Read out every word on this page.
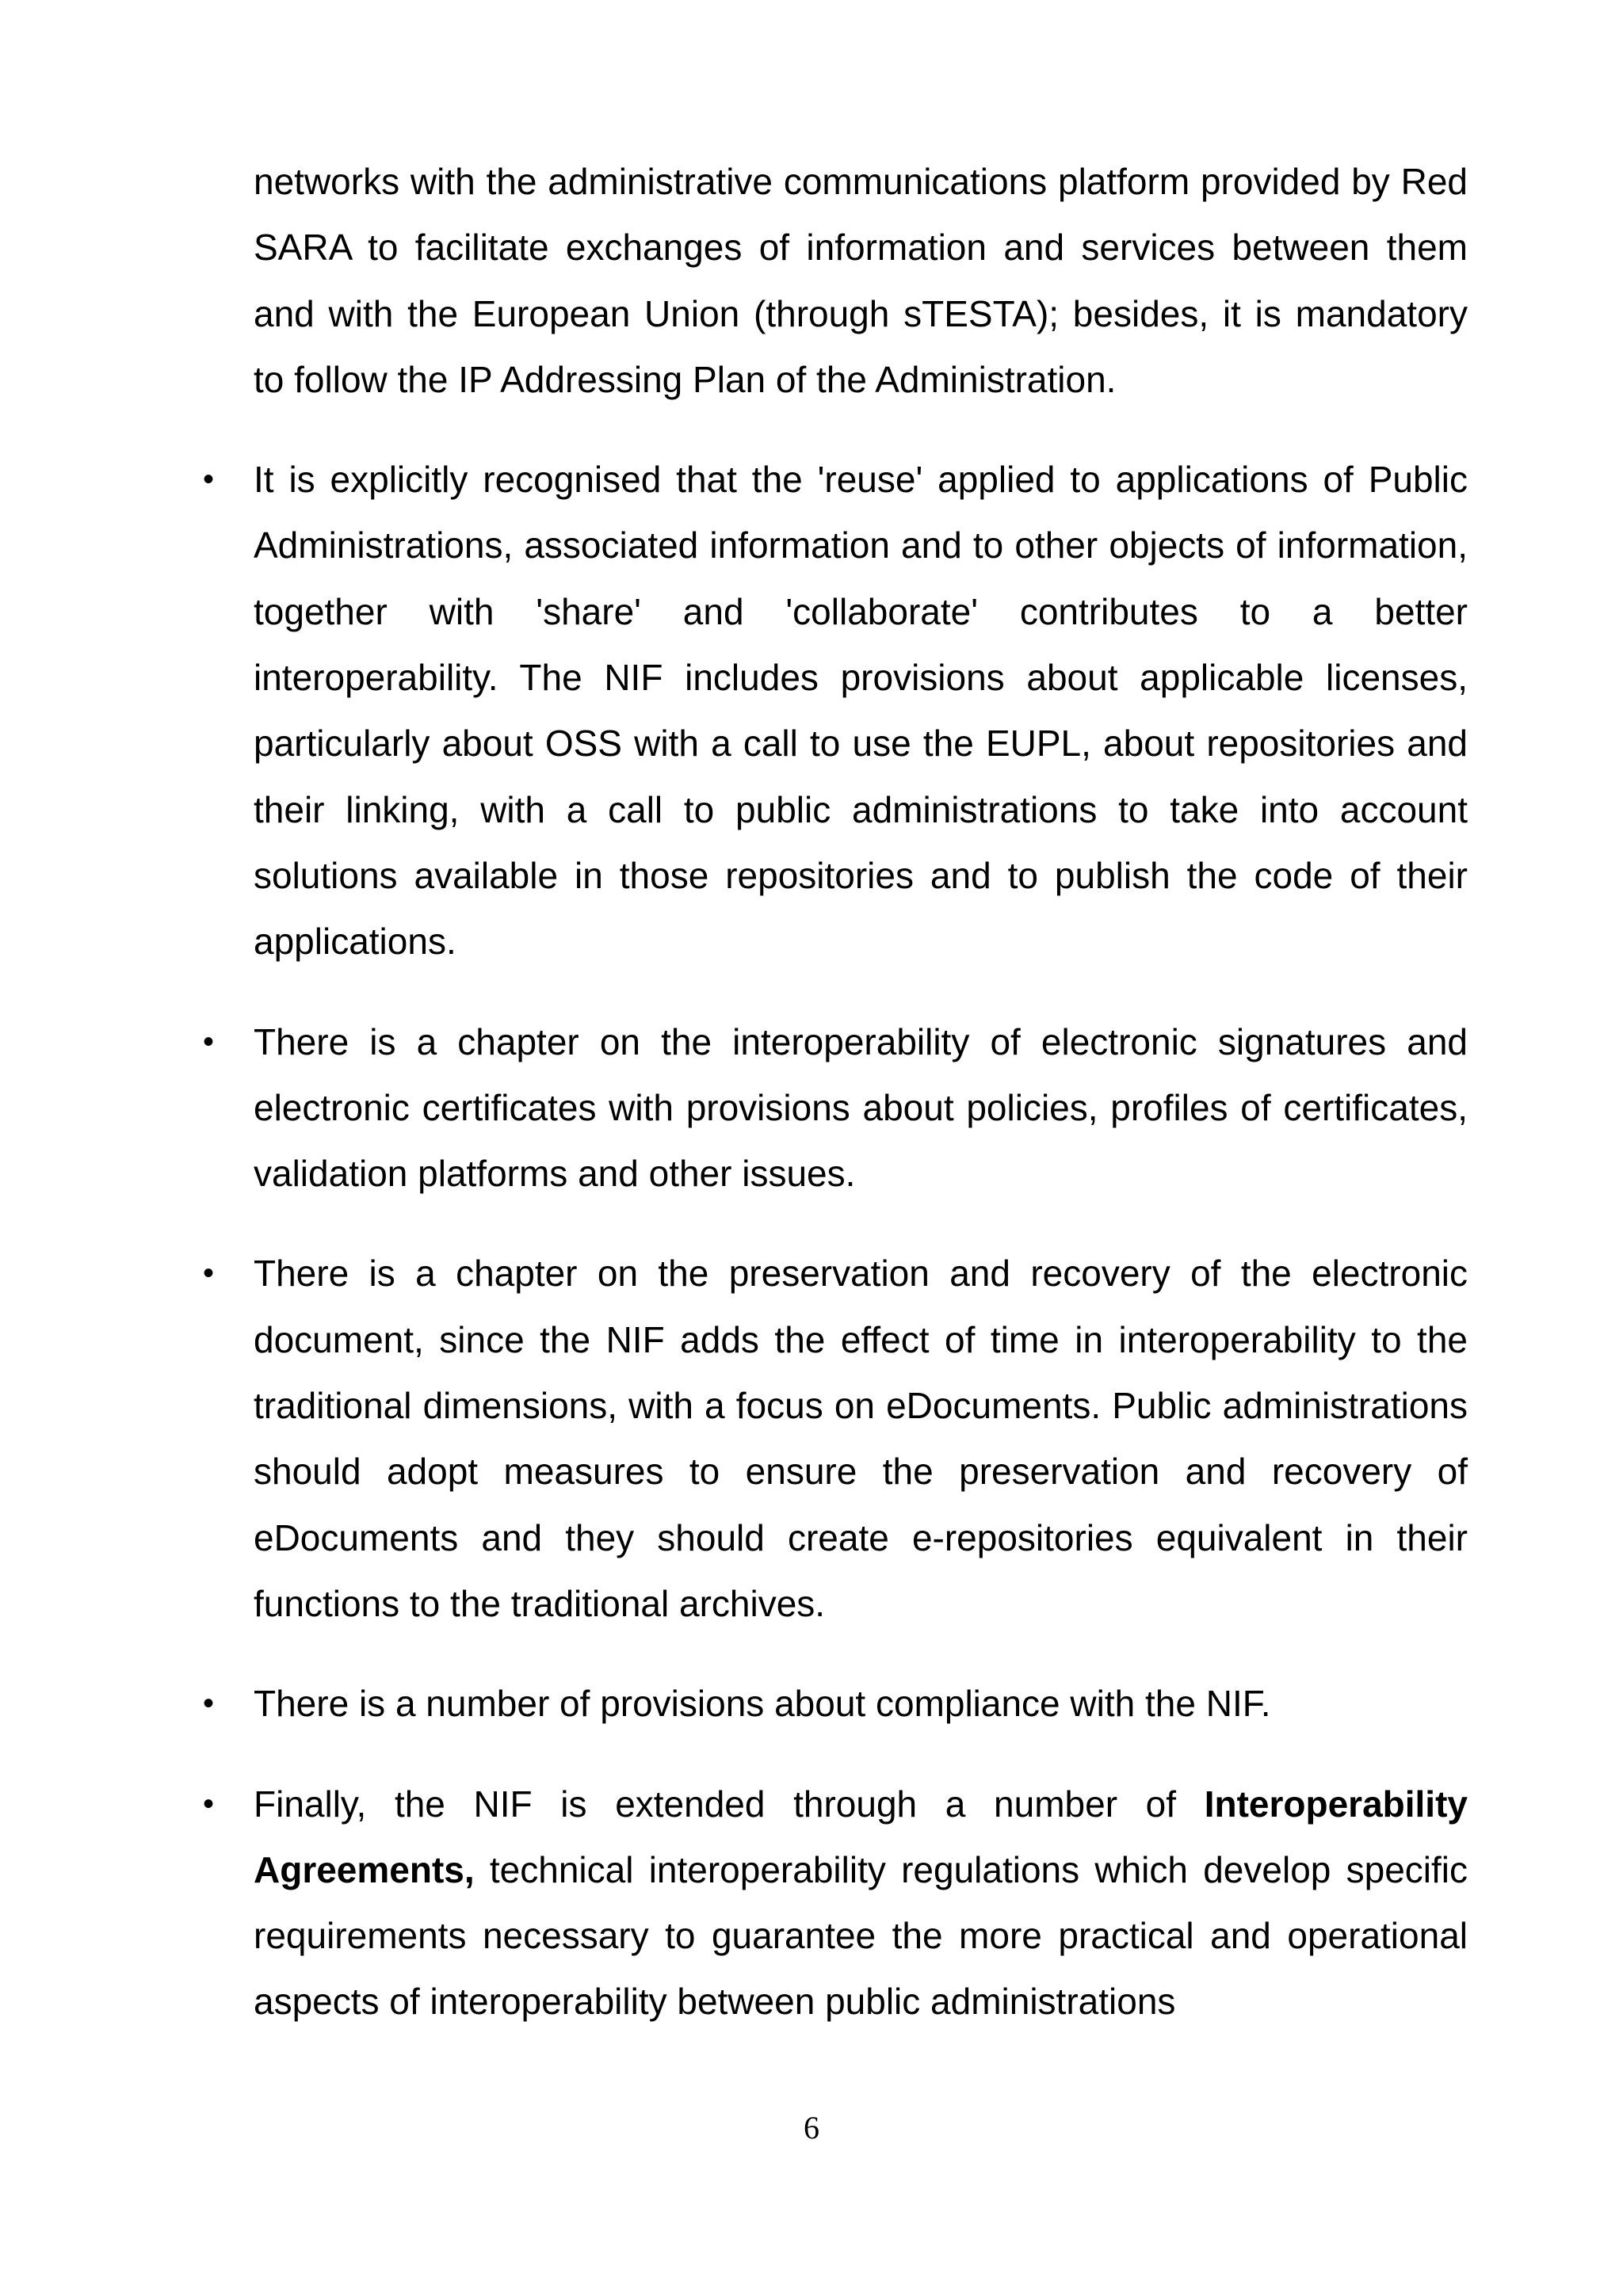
networks with the administrative communications platform provided by Red SARA to facilitate exchanges of information and services between them and with the European Union (through sTESTA); besides, it is mandatory to follow the IP Addressing Plan of the Administration.

• It is explicitly recognised that the 'reuse' applied to applications of Public Administrations, associated information and to other objects of information, together with 'share' and 'collaborate' contributes to a better interoperability. The NIF includes provisions about applicable licenses, particularly about OSS with a call to use the EUPL, about repositories and their linking, with a call to public administrations to take into account solutions available in those repositories and to publish the code of their applications.

• There is a chapter on the interoperability of electronic signatures and electronic certificates with provisions about policies, profiles of certificates, validation platforms and other issues.

• There is a chapter on the preservation and recovery of the electronic document, since the NIF adds the effect of time in interoperability to the traditional dimensions, with a focus on eDocuments. Public administrations should adopt measures to ensure the preservation and recovery of eDocuments and they should create e-repositories equivalent in their functions to the traditional archives.

• There is a number of provisions about compliance with the NIF.

• Finally, the NIF is extended through a number of Interoperability Agreements, technical interoperability regulations which develop specific requirements necessary to guarantee the more practical and operational aspects of interoperability between public administrations

6
